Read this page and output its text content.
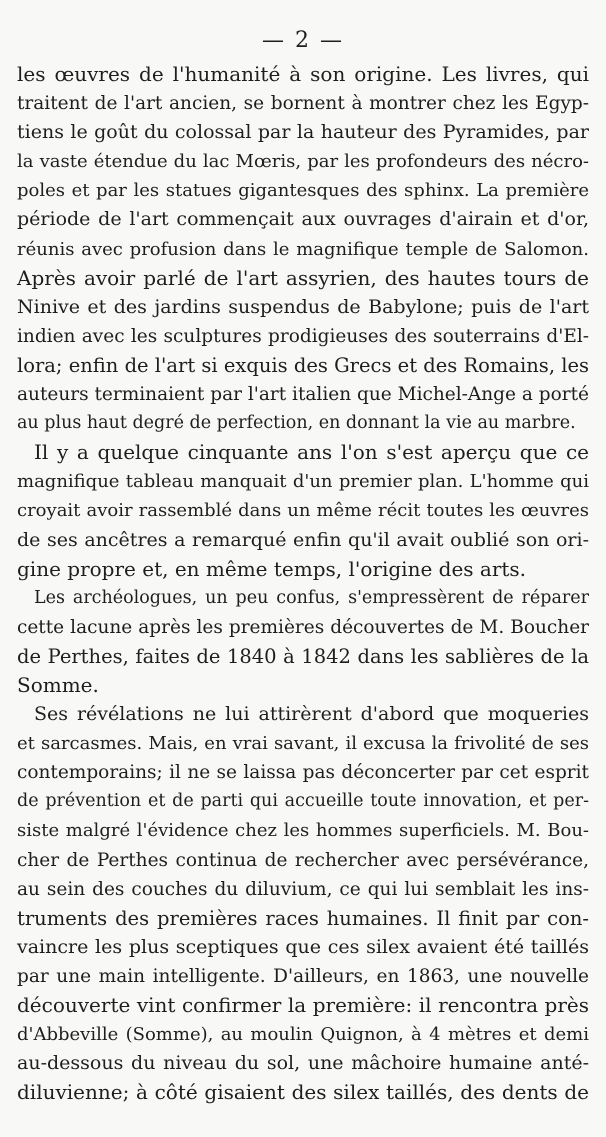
— 2 —
les œuvres de l'humanité à son origine. Les livres, qui
traitent de l'art ancien, se bornent à montrer chez les Egyp-
tiens le goût du colossal par la hauteur des Pyramides, par
la vaste étendue du lac Mœris, par les profondeurs des nécro-
poles et par les statues gigantesques des sphinx. La première
période de l'art commençait aux ouvrages d'airain et d'or,
réunis avec profusion dans le magnifique temple de Salomon.
Après avoir parlé de l'art assyrien, des hautes tours de
Ninive et des jardins suspendus de Babylone; puis de l'art
indien avec les sculptures prodigieuses des souterrains d'El-
lora; enfin de l'art si exquis des Grecs et des Romains, les
auteurs terminaient par l'art italien que Michel-Ange a porté
au plus haut degré de perfection, en donnant la vie au marbre.
Il y a quelque cinquante ans l'on s'est aperçu que ce
magnifique tableau manquait d'un premier plan. L'homme qui
croyait avoir rassemblé dans un même récit toutes les œuvres
de ses ancêtres a remarqué enfin qu'il avait oublié son ori-
gine propre et, en même temps, l'origine des arts.
Les archéologues, un peu confus, s'empressèrent de réparer
cette lacune après les premières découvertes de M. Boucher
de Perthes, faites de 1840 à 1842 dans les sablières de la
Somme.
Ses révélations ne lui attirèrent d'abord que moqueries
et sarcasmes. Mais, en vrai savant, il excusa la frivolité de ses
contemporains; il ne se laissa pas déconcerter par cet esprit
de prévention et de parti qui accueille toute innovation, et per-
siste malgré l'évidence chez les hommes superficiels. M. Bou-
cher de Perthes continua de rechercher avec persévérance,
au sein des couches du diluvium, ce qui lui semblait les ins-
truments des premières races humaines. Il finit par con-
vaincre les plus sceptiques que ces silex avaient été taillés
par une main intelligente. D'ailleurs, en 1863, une nouvelle
découverte vint confirmer la première: il rencontra près
d'Abbeville (Somme), au moulin Quignon, à 4 mètres et demi
au-dessous du niveau du sol, une mâchoire humaine anté-
diluvienne; à côté gisaient des silex taillés, des dents de
